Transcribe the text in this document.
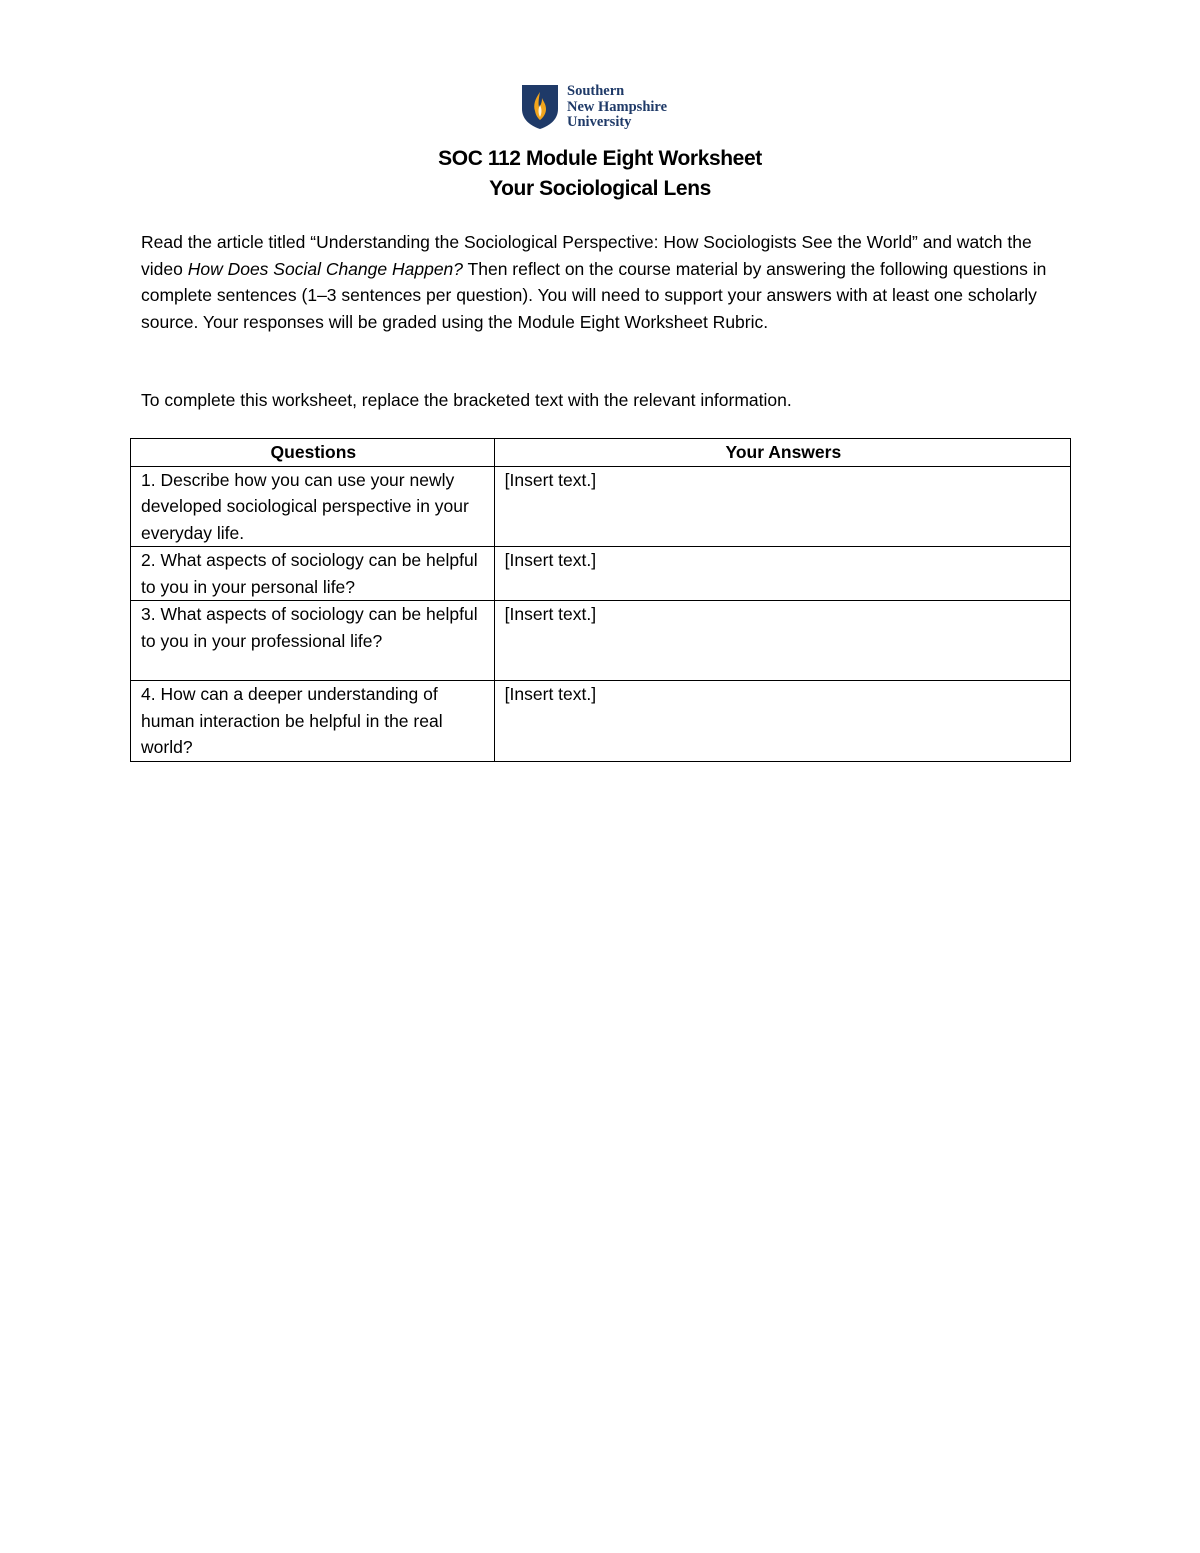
Southern
New Hampshire
University
SOC 112 Module Eight Worksheet
Your Sociological Lens

Read the article titled “Understanding the Sociological Perspective: How Sociologists See the World” and watch the video How Does Social Change Happen? Then reflect on the course material by answering the following questions in complete sentences (1–3 sentences per question). You will need to support your answers with at least one scholarly source. Your responses will be graded using the Module Eight Worksheet Rubric.

To complete this worksheet, replace the bracketed text with the relevant information.

Questions	Your Answers
1. Describe how you can use your newly developed sociological perspective in your everyday life.	[Insert text.]
2. What aspects of sociology can be helpful to you in your personal life?	[Insert text.]
3. What aspects of sociology can be helpful to you in your professional life?	[Insert text.]
4. How can a deeper understanding of human interaction be helpful in the real world?	[Insert text.]
